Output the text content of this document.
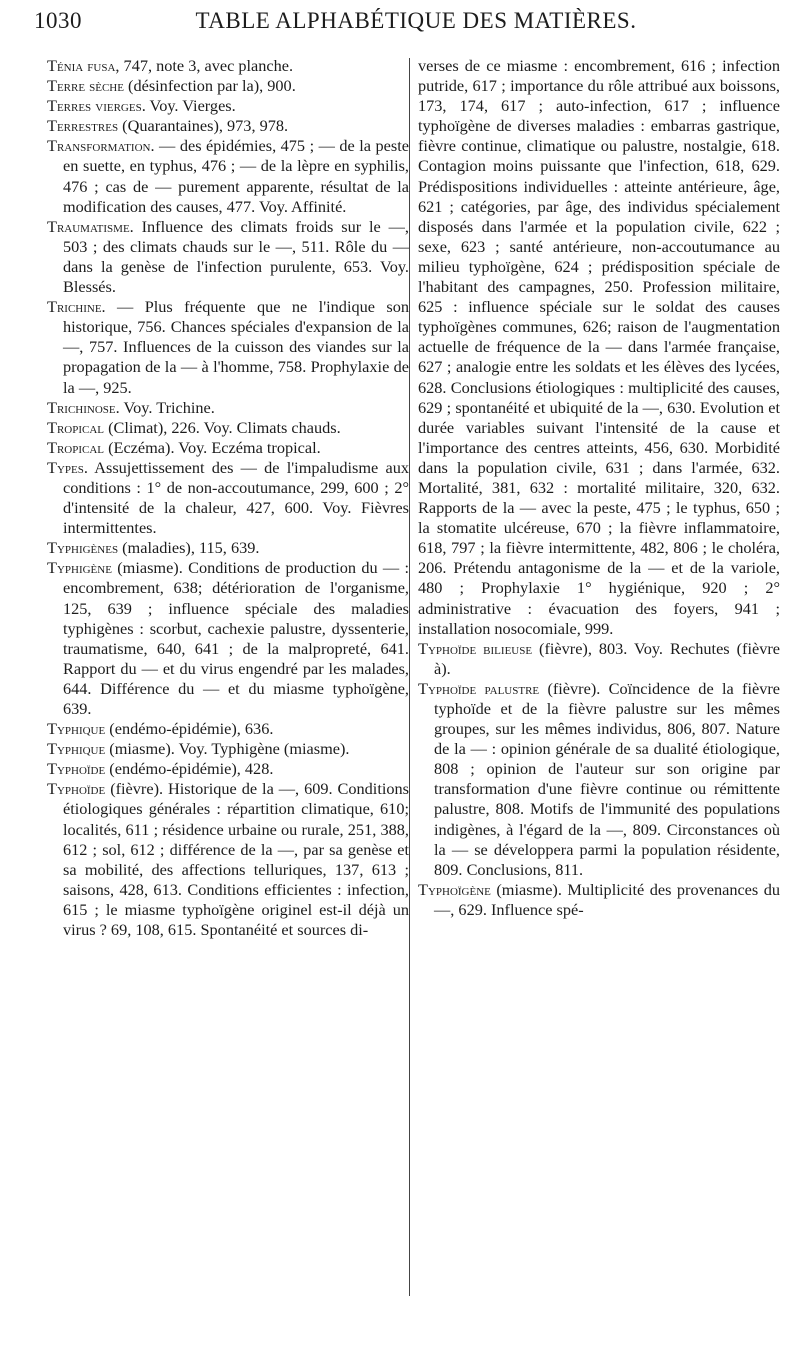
1030	TABLE ALPHABÉTIQUE DES MATIÈRES.

Ténia fusa, 747, note 3, avec planche.

Terre sèche (désinfection par la), 900.

Terres vierges. Voy. Vierges.

Terrestres (Quarantaines), 973, 978.

Transformation. — des épidémies, 475 ; — de la peste en suette, en typhus, 476 ; — de la lèpre en syphilis, 476 ; cas de — purement apparente, résultat de la modification des causes, 477. Voy. Affinité.

Traumatisme. Influence des climats froids sur le —, 503 ; des climats chauds sur le —, 511. Rôle du — dans la genèse de l'infection purulente, 653. Voy. Blessés.

Trichine. — Plus fréquente que ne l'indique son historique, 756. Chances spéciales d'expansion de la —, 757. Influences de la cuisson des viandes sur la propagation de la — à l'homme, 758. Prophylaxie de la —, 925.

Trichinose. Voy. Trichine.

Tropical (Climat), 226. Voy. Climats chauds.

Tropical (Eczéma). Voy. Eczéma tropical.

Types. Assujettissement des — de l'impaludisme aux conditions : 1° de non-accoutumance, 299, 600 ; 2° d'intensité de la chaleur, 427, 600. Voy. Fièvres intermittentes.

Typhigènes (maladies), 115, 639.

Typhigène (miasme). Conditions de production du — : encombrement, 638; détérioration de l'organisme, 125, 639 ; influence spéciale des maladies typhigènes : scorbut, cachexie palustre, dyssenterie, traumatisme, 640, 641 ; de la malpropreté, 641. Rapport du — et du virus engendré par les malades, 644. Différence du — et du miasme typhoïgène, 639.

Typhique (endémo-épidémie), 636.

Typhique (miasme). Voy. Typhigène (miasme).

Typhoïde (endémo-épidémie), 428.

Typhoïde (fièvre). Historique de la —, 609. Conditions étiologiques générales : répartition climatique, 610; localités, 611 ; résidence urbaine ou rurale, 251, 388, 612 ; sol, 612 ; différence de la —, par sa genèse et sa mobilité, des affections telluriques, 137, 613 ; saisons, 428, 613. Conditions efficientes : infection, 615 ; le miasme typhoïgène originel est-il déjà un virus ? 69, 108, 615. Spontanéité et sources di-

verses de ce miasme : encombrement, 616 ; infection putride, 617 ; importance du rôle attribué aux boissons, 173, 174, 617 ; auto-infection, 617 ; influence typhoïgène de diverses maladies : embarras gastrique, fièvre continue, climatique ou palustre, nostalgie, 618. Contagion moins puissante que l'infection, 618, 629. Prédispositions individuelles : atteinte antérieure, âge, 621 ; catégories, par âge, des individus spécialement disposés dans l'armée et la population civile, 622 ; sexe, 623 ; santé antérieure, non-accoutumance au milieu typhoïgène, 624 ; prédisposition spéciale de l'habitant des campagnes, 250. Profession militaire, 625 : influence spéciale sur le soldat des causes typhoïgènes communes, 626; raison de l'augmentation actuelle de fréquence de la — dans l'armée française, 627 ; analogie entre les soldats et les élèves des lycées, 628. Conclusions étiologiques : multiplicité des causes, 629 ; spontanéité et ubiquité de la —, 630. Evolution et durée variables suivant l'intensité de la cause et l'importance des centres atteints, 456, 630. Morbidité dans la population civile, 631 ; dans l'armée, 632. Mortalité, 381, 632 : mortalité militaire, 320, 632. Rapports de la — avec la peste, 475 ; le typhus, 650 ; la stomatite ulcéreuse, 670 ; la fièvre inflammatoire, 618, 797 ; la fièvre intermittente, 482, 806 ; le choléra, 206. Prétendu antagonisme de la — et de la variole, 480 ; Prophylaxie 1° hygiénique, 920 ; 2° administrative : évacuation des foyers, 941 ; installation nosocomiale, 999.

Typhoïde bilieuse (fièvre), 803. Voy. Rechutes (fièvre à).

Typhoïde palustre (fièvre). Coïncidence de la fièvre typhoïde et de la fièvre palustre sur les mêmes groupes, sur les mêmes individus, 806, 807. Nature de la — : opinion générale de sa dualité étiologique, 808 ; opinion de l'auteur sur son origine par transformation d'une fièvre continue ou rémittente palustre, 808. Motifs de l'immunité des populations indigènes, à l'égard de la —, 809. Circonstances où la — se développera parmi la population résidente, 809. Conclusions, 811.

Typhoïgène (miasme). Multiplicité des provenances du —, 629. Influence spé-
